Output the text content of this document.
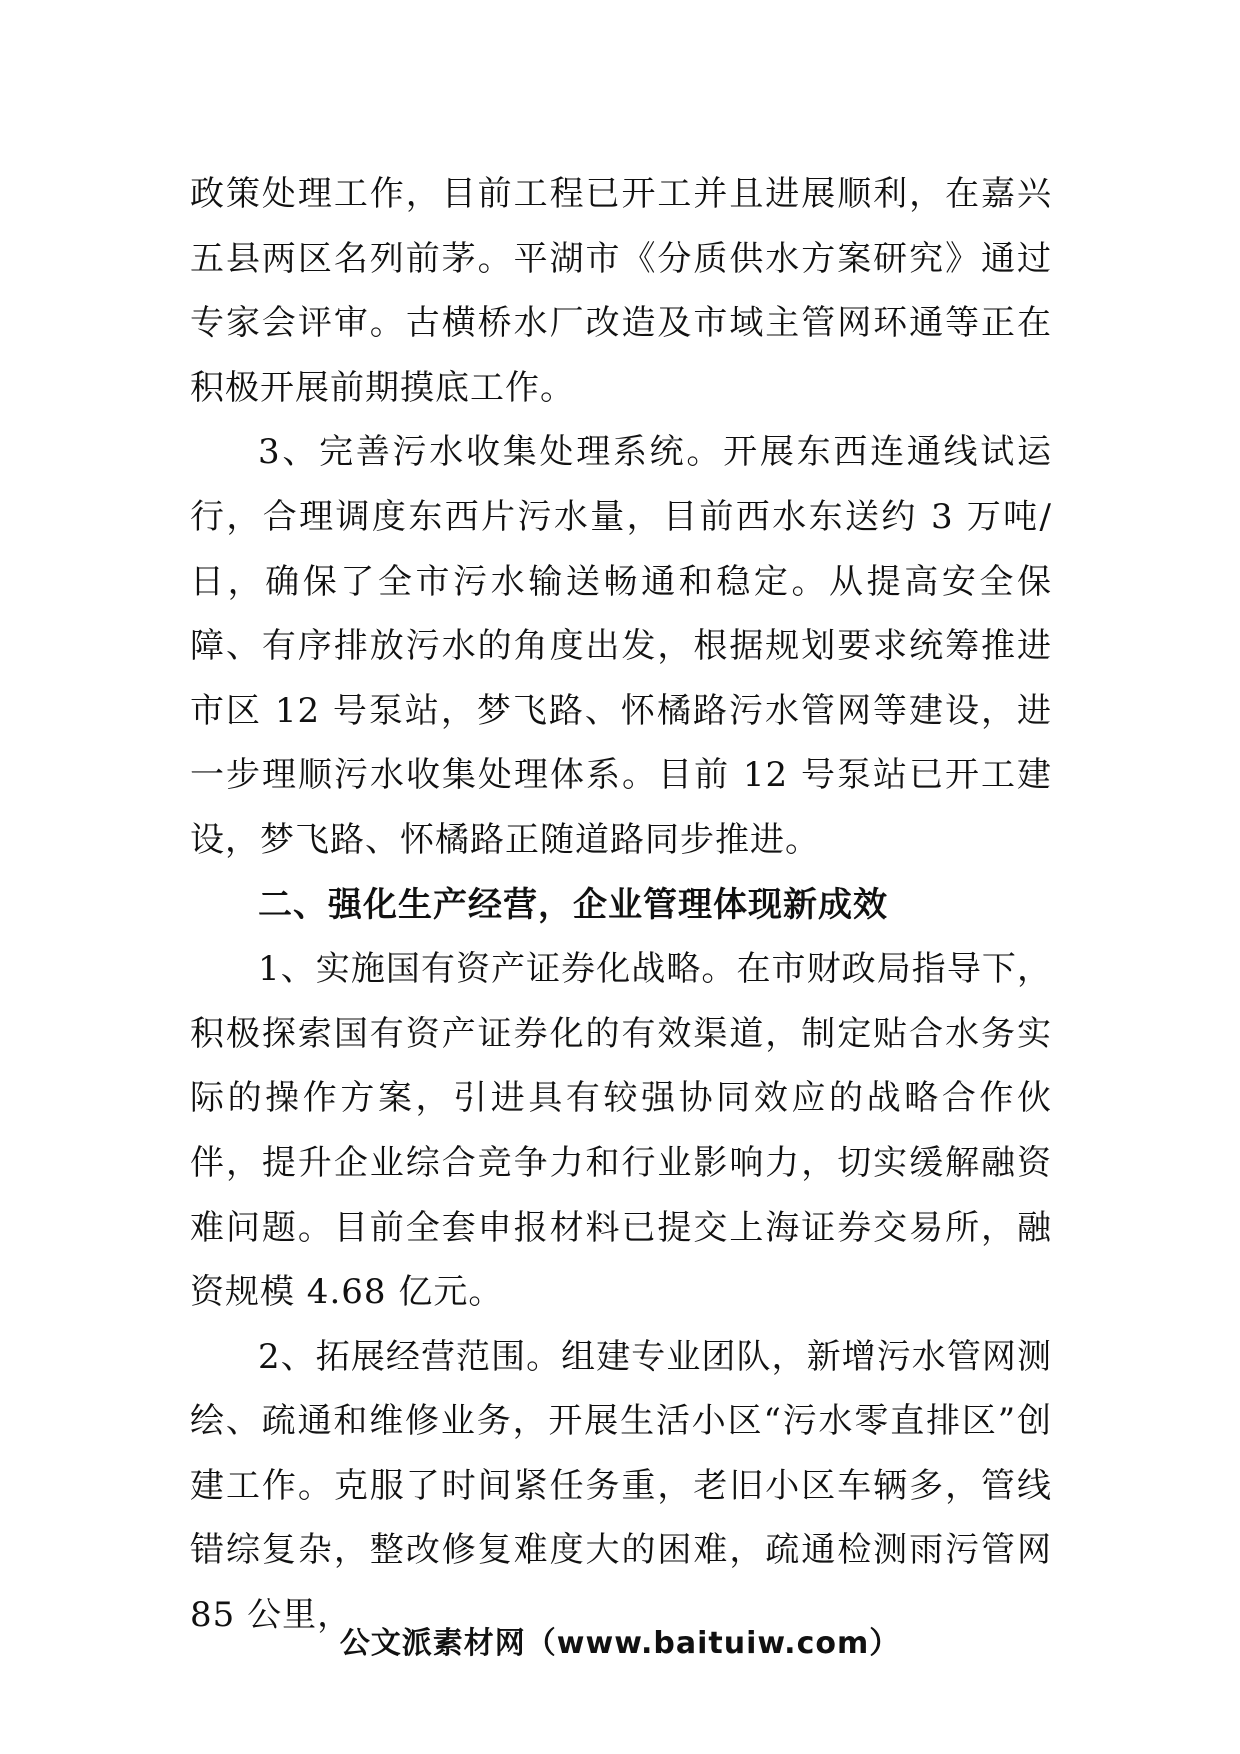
政策处理工作，目前工程已开工并且进展顺利，在嘉兴五县两区名列前茅。平湖市《分质供水方案研究》通过专家会评审。古横桥水厂改造及市域主管网环通等正在积极开展前期摸底工作。

3、完善污水收集处理系统。开展东西连通线试运行，合理调度东西片污水量，目前西水东送约 3 万吨/日，确保了全市污水输送畅通和稳定。从提高安全保障、有序排放污水的角度出发，根据规划要求统筹推进市区 12 号泵站，梦飞路、怀橘路污水管网等建设，进一步理顺污水收集处理体系。目前 12 号泵站已开工建设，梦飞路、怀橘路正随道路同步推进。

二、强化生产经营，企业管理体现新成效

1、实施国有资产证券化战略。在市财政局指导下，积极探索国有资产证券化的有效渠道，制定贴合水务实际的操作方案，引进具有较强协同效应的战略合作伙伴，提升企业综合竞争力和行业影响力，切实缓解融资难问题。目前全套申报材料已提交上海证券交易所，融资规模 4.68 亿元。

2、拓展经营范围。组建专业团队，新增污水管网测绘、疏通和维修业务，开展生活小区“污水零直排区”创建工作。克服了时间紧任务重，老旧小区车辆多，管线错综复杂，整改修复难度大的困难，疏通检测雨污管网 85 公里，

公文派素材网（www.baituiw.com）
